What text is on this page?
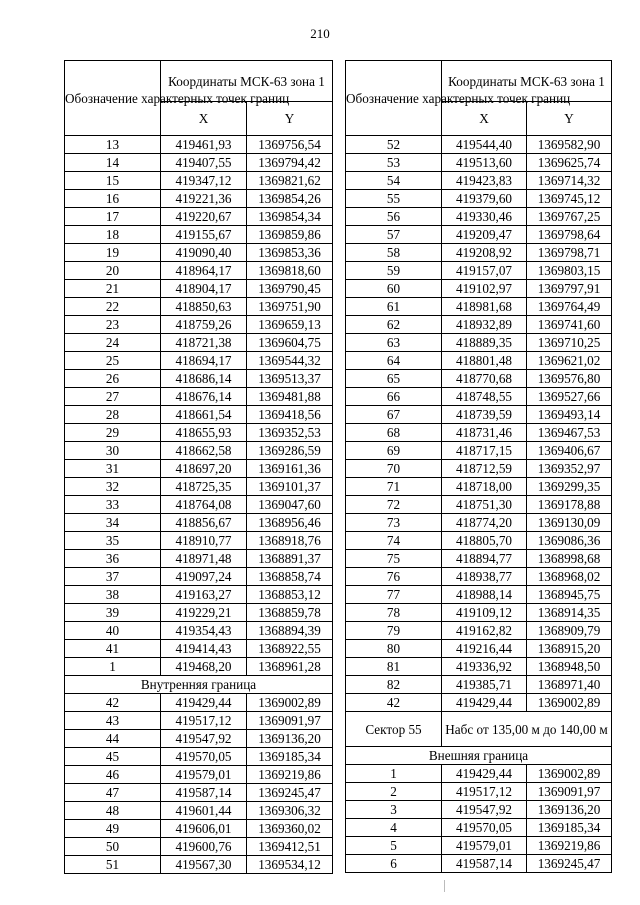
210
Обозначение характерных точек границ	Координаты МСК-63 зона 1	
	X	Y
13	419461,93	1369756,54
14	419407,55	1369794,42
15	419347,12	1369821,62
16	419221,36	1369854,26
17	419220,67	1369854,34
18	419155,67	1369859,86
19	419090,40	1369853,36
20	418964,17	1369818,60
21	418904,17	1369790,45
22	418850,63	1369751,90
23	418759,26	1369659,13
24	418721,38	1369604,75
25	418694,17	1369544,32
26	418686,14	1369513,37
27	418676,14	1369481,88
28	418661,54	1369418,56
29	418655,93	1369352,53
30	418662,58	1369286,59
31	418697,20	1369161,36
32	418725,35	1369101,37
33	418764,08	1369047,60
34	418856,67	1368956,46
35	418910,77	1368918,76
36	418971,48	1368891,37
37	419097,24	1368858,74
38	419163,27	1368853,12
39	419229,21	1368859,78
40	419354,43	1368894,39
41	419414,43	1368922,55
1	419468,20	1368961,28
Внутренняя граница		
42	419429,44	1369002,89
43	419517,12	1369091,97
44	419547,92	1369136,20
45	419570,05	1369185,34
46	419579,01	1369219,86
47	419587,14	1369245,47
48	419601,44	1369306,32
49	419606,01	1369360,02
50	419600,76	1369412,51
51	419567,30	1369534,12
Обозначение характерных точек границ	Координаты МСК-63 зона 1	
	X	Y
52	419544,40	1369582,90
53	419513,60	1369625,74
54	419423,83	1369714,32
55	419379,60	1369745,12
56	419330,46	1369767,25
57	419209,47	1369798,64
58	419208,92	1369798,71
59	419157,07	1369803,15
60	419102,97	1369797,91
61	418981,68	1369764,49
62	418932,89	1369741,60
63	418889,35	1369710,25
64	418801,48	1369621,02
65	418770,68	1369576,80
66	418748,55	1369527,66
67	418739,59	1369493,14
68	418731,46	1369467,53
69	418717,15	1369406,67
70	418712,59	1369352,97
71	418718,00	1369299,35
72	418751,30	1369178,88
73	418774,20	1369130,09
74	418805,70	1369086,36
75	418894,77	1368998,68
76	418938,77	1368968,02
77	418988,14	1368945,75
78	419109,12	1368914,35
79	419162,82	1368909,79
80	419216,44	1368915,20
81	419336,92	1368948,50
82	419385,71	1368971,40
42	419429,44	1369002,89
Сектор 55	Набс от 135,00 м до 140,00 м	
Внешняя граница		
1	419429,44	1369002,89
2	419517,12	1369091,97
3	419547,92	1369136,20
4	419570,05	1369185,34
5	419579,01	1369219,86
6	419587,14	1369245,47
